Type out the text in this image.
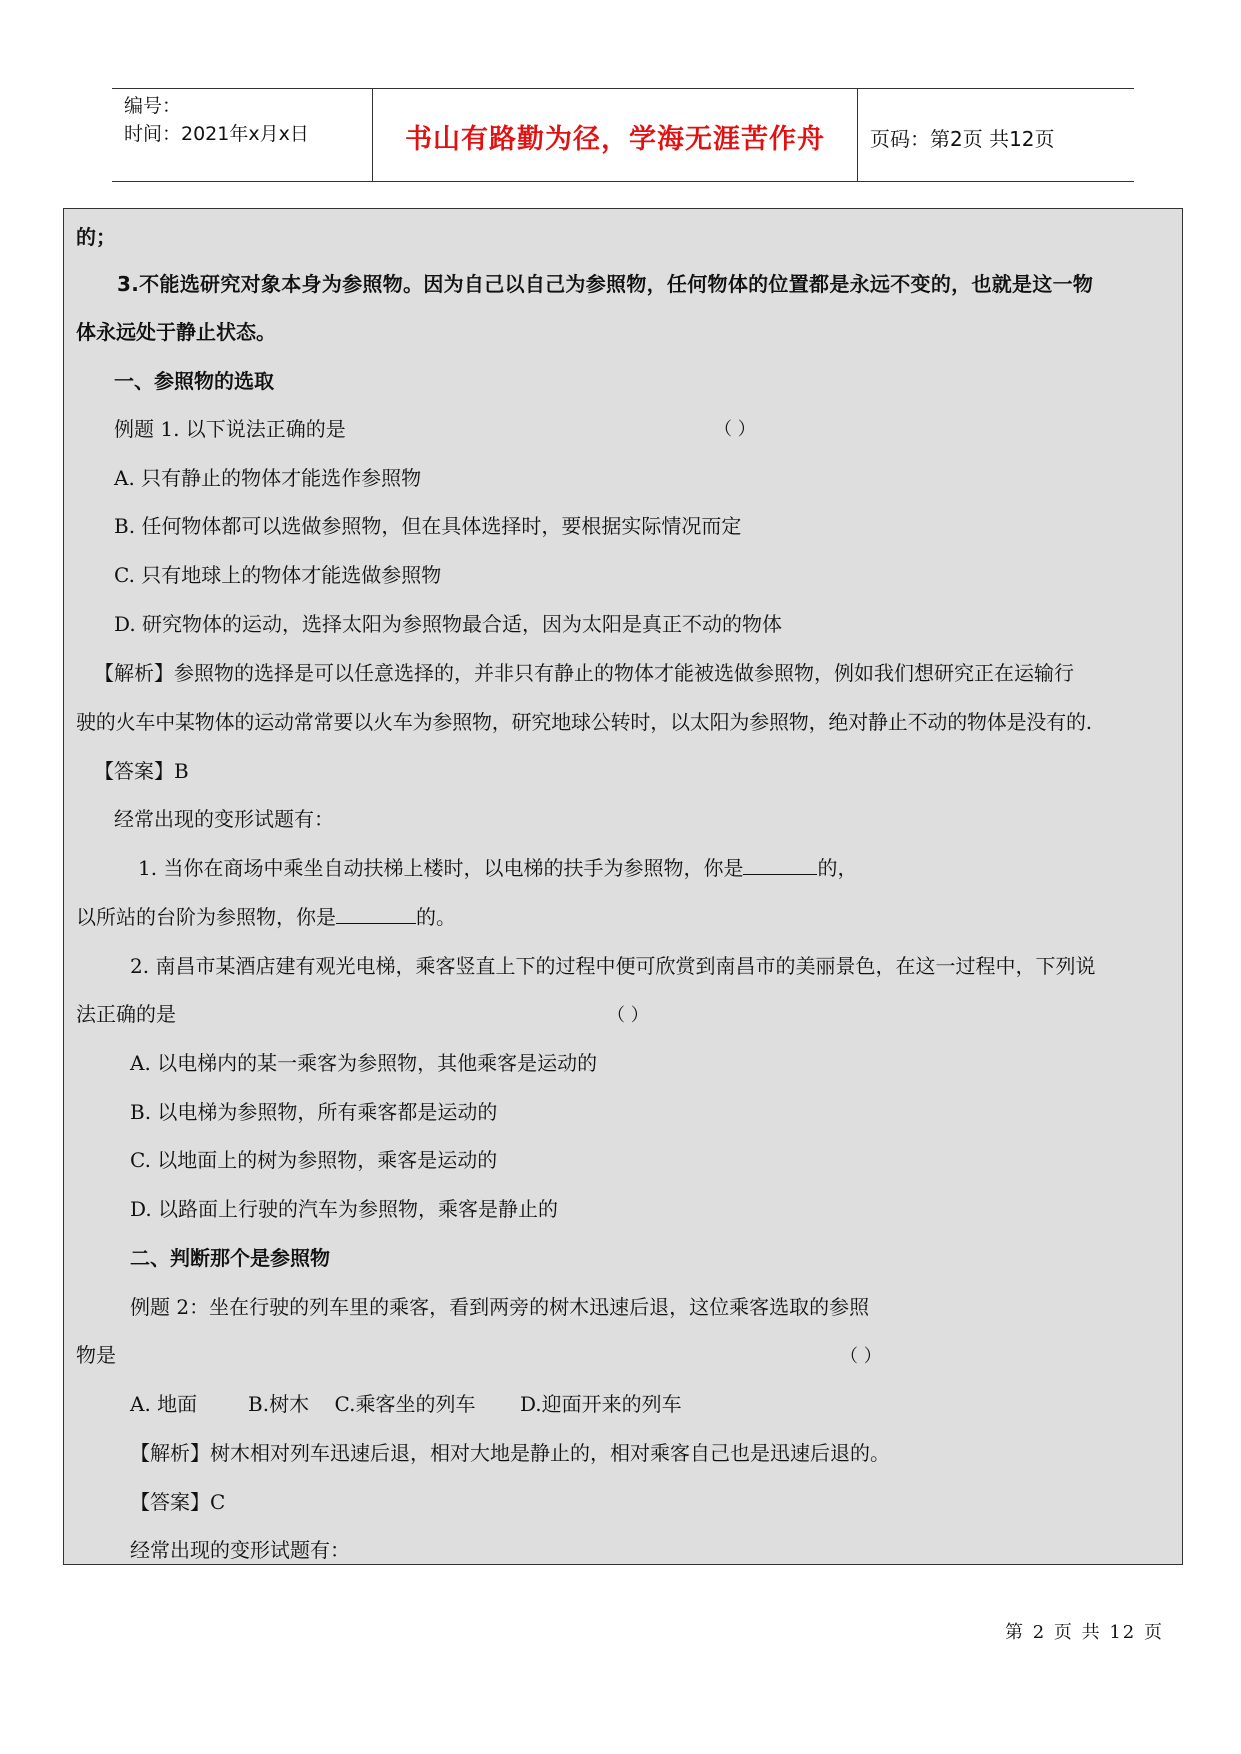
编号：
时间：2021年x月x日	书山有路勤为径，学海无涯苦作舟	页码：第2页 共12页
的；
3.不能选研究对象本身为参照物。因为自己以自己为参照物，任何物体的位置都是永远不变的，也就是这一物
体永远处于静止状态。
一、参照物的选取
例题 1. 以下说法正确的是	（ ）
A. 只有静止的物体才能选作参照物
B. 任何物体都可以选做参照物，但在具体选择时，要根据实际情况而定
C. 只有地球上的物体才能选做参照物
D. 研究物体的运动，选择太阳为参照物最合适，因为太阳是真正不动的物体
【解析】参照物的选择是可以任意选择的，并非只有静止的物体才能被选做参照物，例如我们想研究正在运输行
驶的火车中某物体的运动常常要以火车为参照物，研究地球公转时，以太阳为参照物，绝对静止不动的物体是没有的.
【答案】B
经常出现的变形试题有：
1. 当你在商场中乘坐自动扶梯上楼时，以电梯的扶手为参照物，你是	的，
以所站的台阶为参照物，你是	的。
2. 南昌市某酒店建有观光电梯，乘客竖直上下的过程中便可欣赏到南昌市的美丽景色，在这一过程中，下列说
法正确的是	（ ）
A. 以电梯内的某一乘客为参照物，其他乘客是运动的
B. 以电梯为参照物，所有乘客都是运动的
C. 以地面上的树为参照物，乘客是运动的
D. 以路面上行驶的汽车为参照物，乘客是静止的
二、判断那个是参照物
例题 2：坐在行驶的列车里的乘客，看到两旁的树木迅速后退，这位乘客选取的参照
物是	（ ）
A. 地面        B.树木    C.乘客坐的列车       D.迎面开来的列车
【解析】树木相对列车迅速后退，相对大地是静止的，相对乘客自己也是迅速后退的。
【答案】C
经常出现的变形试题有：
第 2 页 共 12 页
